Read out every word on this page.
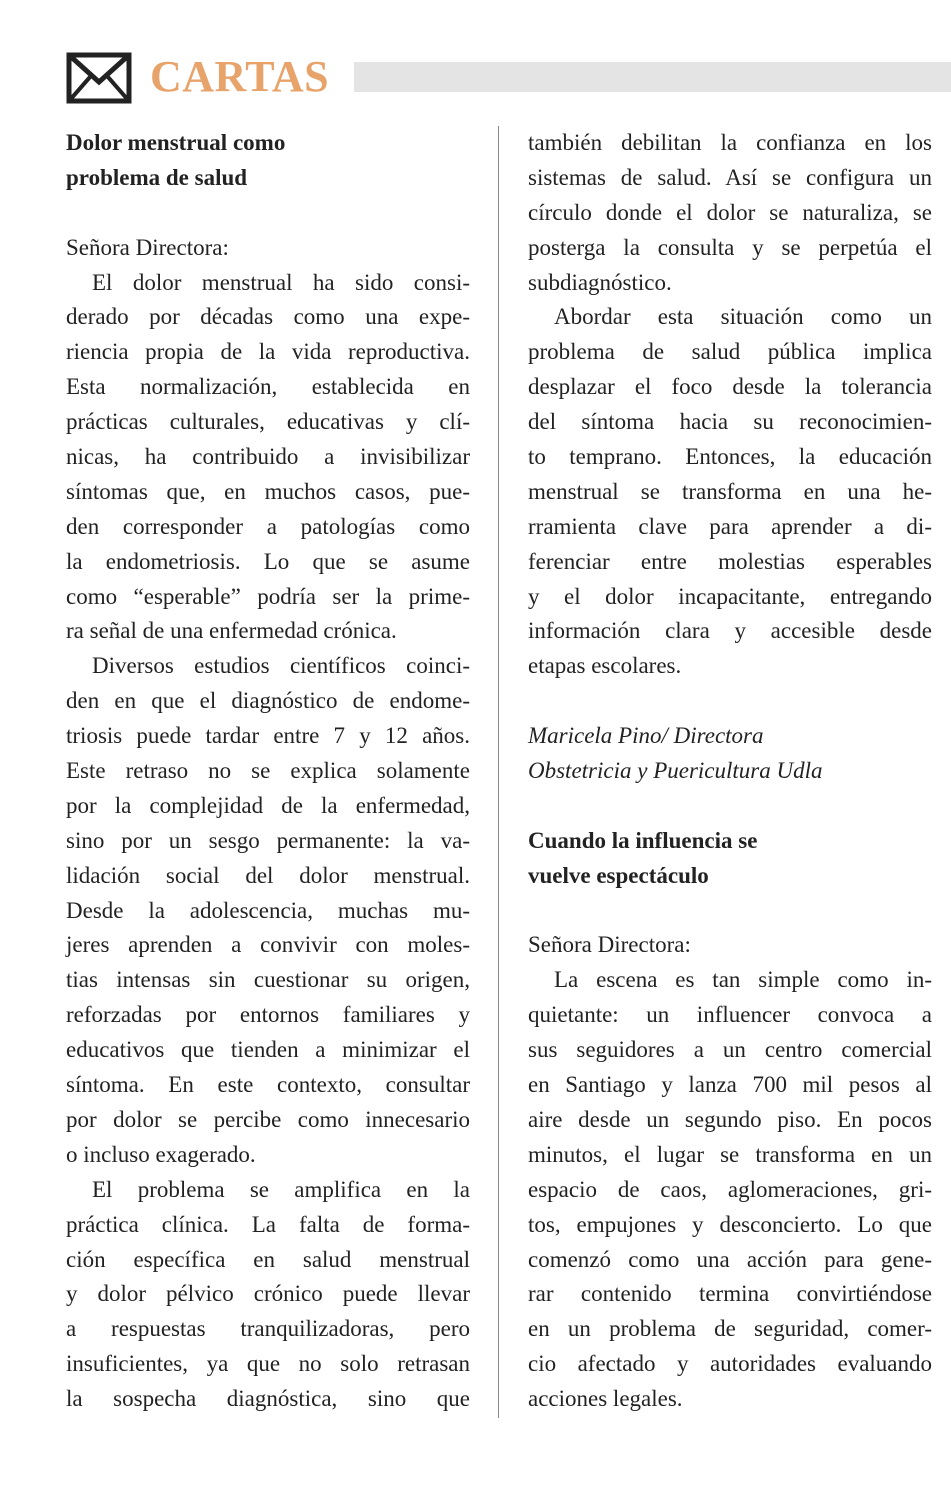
CARTAS
Dolor menstrual como
problema de salud
Señora Directora:
El dolor menstrual ha sido consi-
derado por décadas como una expe-
riencia propia de la vida reproductiva.
Esta normalización, establecida en
prácticas culturales, educativas y clí-
nicas, ha contribuido a invisibilizar
síntomas que, en muchos casos, pue-
den corresponder a patologías como
la endometriosis. Lo que se asume
como “esperable” podría ser la prime-
ra señal de una enfermedad crónica.
Diversos estudios científicos coinci-
den en que el diagnóstico de endome-
triosis puede tardar entre 7 y 12 años.
Este retraso no se explica solamente
por la complejidad de la enfermedad,
sino por un sesgo permanente: la va-
lidación social del dolor menstrual.
Desde la adolescencia, muchas mu-
jeres aprenden a convivir con moles-
tias intensas sin cuestionar su origen,
reforzadas por entornos familiares y
educativos que tienden a minimizar el
síntoma. En este contexto, consultar
por dolor se percibe como innecesario
o incluso exagerado.
El problema se amplifica en la
práctica clínica. La falta de forma-
ción específica en salud menstrual
y dolor pélvico crónico puede llevar
a respuestas tranquilizadoras, pero
insuficientes, ya que no solo retrasan
la sospecha diagnóstica, sino que
también debilitan la confianza en los
sistemas de salud. Así se configura un
círculo donde el dolor se naturaliza, se
posterga la consulta y se perpetúa el
subdiagnóstico.
Abordar esta situación como un
problema de salud pública implica
desplazar el foco desde la tolerancia
del síntoma hacia su reconocimien-
to temprano. Entonces, la educación
menstrual se transforma en una he-
rramienta clave para aprender a di-
ferenciar entre molestias esperables
y el dolor incapacitante, entregando
información clara y accesible desde
etapas escolares.
Maricela Pino/ Directora
Obstetricia y Puericultura Udla
Cuando la influencia se
vuelve espectáculo
Señora Directora:
La escena es tan simple como in-
quietante: un influencer convoca a
sus seguidores a un centro comercial
en Santiago y lanza 700 mil pesos al
aire desde un segundo piso. En pocos
minutos, el lugar se transforma en un
espacio de caos, aglomeraciones, gri-
tos, empujones y desconcierto. Lo que
comenzó como una acción para gene-
rar contenido termina convirtiéndose
en un problema de seguridad, comer-
cio afectado y autoridades evaluando
acciones legales.
